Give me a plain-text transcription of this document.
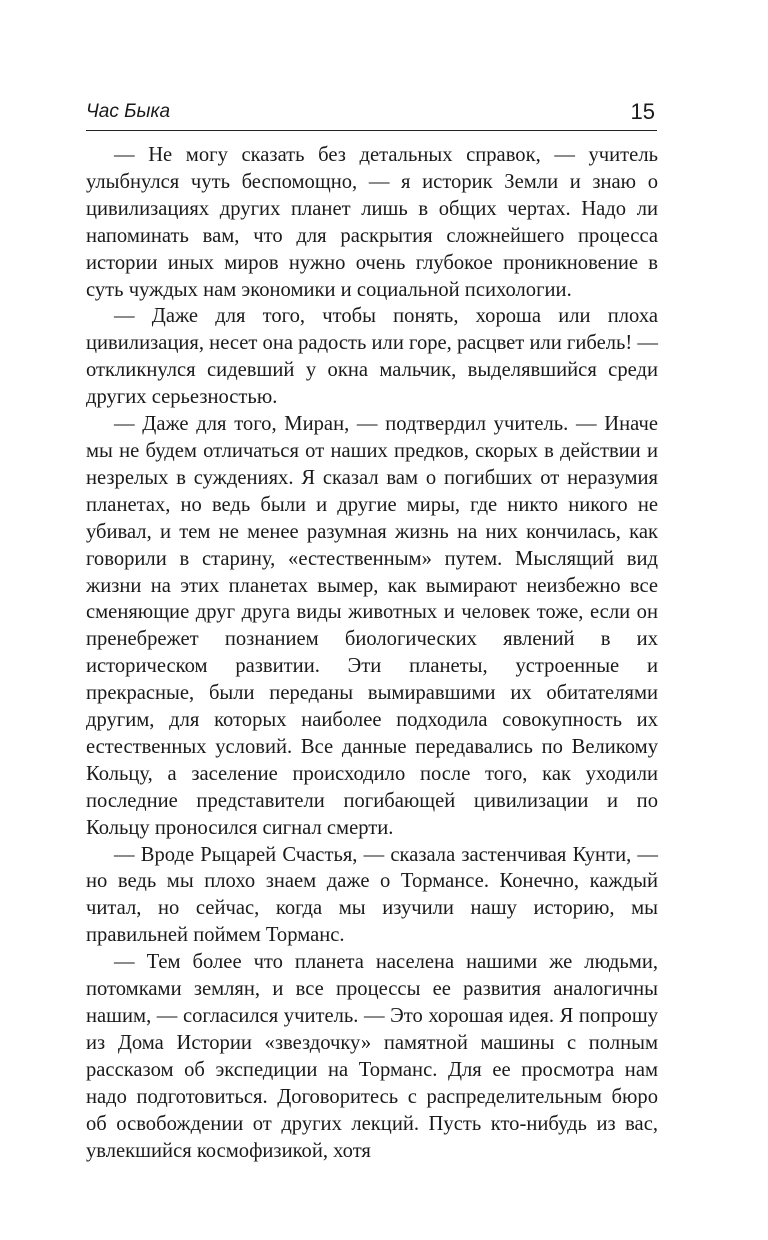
Час Быка	15

— Не могу сказать без детальных справок, — учитель улыбнулся чуть беспомощно, — я историк Земли и знаю о цивилизациях других планет лишь в общих чертах. Надо ли напоминать вам, что для раскрытия сложнейшего процесса истории иных миров нужно очень глубокое проникновение в суть чуждых нам экономики и социальной психологии.

— Даже для того, чтобы понять, хороша или плоха цивилизация, несет она радость или горе, расцвет или гибель! — откликнулся сидевший у окна мальчик, выделявшийся среди других серьезностью.

— Даже для того, Миран, — подтвердил учитель. — Иначе мы не будем отличаться от наших предков, скорых в действии и незрелых в суждениях. Я сказал вам о погибших от неразумия планетах, но ведь были и другие миры, где никто никого не убивал, и тем не менее разумная жизнь на них кончилась, как говорили в старину, «естественным» путем. Мыслящий вид жизни на этих планетах вымер, как вымирают неизбежно все сменяющие друг друга виды животных и человек тоже, если он пренебрежет познанием биологических явлений в их историческом развитии. Эти планеты, устроенные и прекрасные, были переданы вымиравшими их обитателями другим, для которых наиболее подходила совокупность их естественных условий. Все данные передавались по Великому Кольцу, а заселение происходило после того, как уходили последние представители погибающей цивилизации и по Кольцу проносился сигнал смерти.

— Вроде Рыцарей Счастья, — сказала застенчивая Кунти, — но ведь мы плохо знаем даже о Тормансе. Конечно, каждый читал, но сейчас, когда мы изучили нашу историю, мы правильней поймем Торманс.

— Тем более что планета населена нашими же людьми, потомками землян, и все процессы ее развития аналогичны нашим, — согласился учитель. — Это хорошая идея. Я попрошу из Дома Истории «звездочку» памятной машины с полным рассказом об экспедиции на Торманс. Для ее просмотра нам надо подготовиться. Договоритесь с распределительным бюро об освобождении от других лекций. Пусть кто-нибудь из вас, увлекшийся космофизикой, хотя
